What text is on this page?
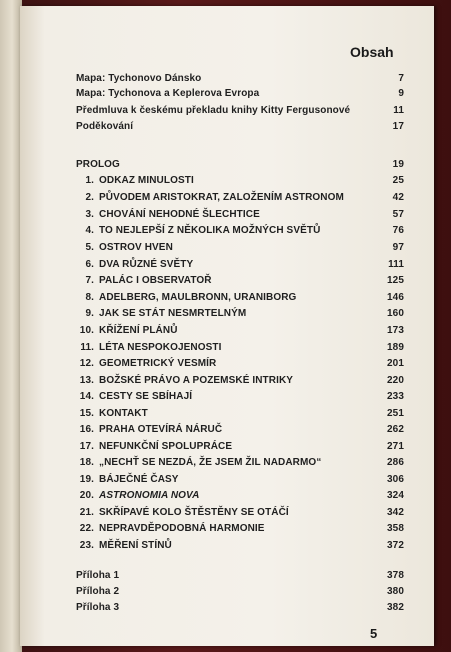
Obsah
Mapa: Tychonovo Dánsko	7
Mapa: Tychonova a Keplerova Evropa	9
Předmluva k českému překladu knihy Kitty Fergusonové	11
Poděkování	17
PROLOG	19
1. ODKAZ MINULOSTI	25
2. PŮVODEM ARISTOKRAT, ZALOŽENÍM ASTRONOM	42
3. CHOVÁNÍ NEHODNÉ ŠLECHTICE	57
4. TO NEJLEPŠÍ Z NĚKOLIKA MOŽNÝCH SVĚTŮ	76
5. OSTROV HVEN	97
6. DVA RŮZNÉ SVĚTY	111
7. PALÁC I OBSERVATOŘ	125
8. ADELBERG, MAULBRONN, URANIBORG	146
9. JAK SE STÁT NESMRTELNÝM	160
10. KŘÍŽENÍ PLÁNŮ	173
11. LÉTA NESPOKOJENOSTI	189
12. GEOMETRICKÝ VESMÍR	201
13. BOŽSKÉ PRÁVO A POZEMSKÉ INTRIKY	220
14. CESTY SE SBÍHAJÍ	233
15. KONTAKT	251
16. PRAHA OTEVÍRÁ NÁRUČ	262
17. NEFUNKČNÍ SPOLUPRÁCE	271
18. „NECHŤ SE NEZDÁ, ŽE JSEM ŽIL NADARMO“	286
19. BÁJEČNÉ ČASY	306
20. ASTRONOMIA NOVA	324
21. SKŘÍPAVÉ KOLO ŠTĚSTĚNY SE OTÁČÍ	342
22. NEPRAVDĚPODOBNÁ HARMONIE	358
23. MĚŘENÍ STÍNŮ	372
Příloha 1	378
Příloha 2	380
Příloha 3	382
5
